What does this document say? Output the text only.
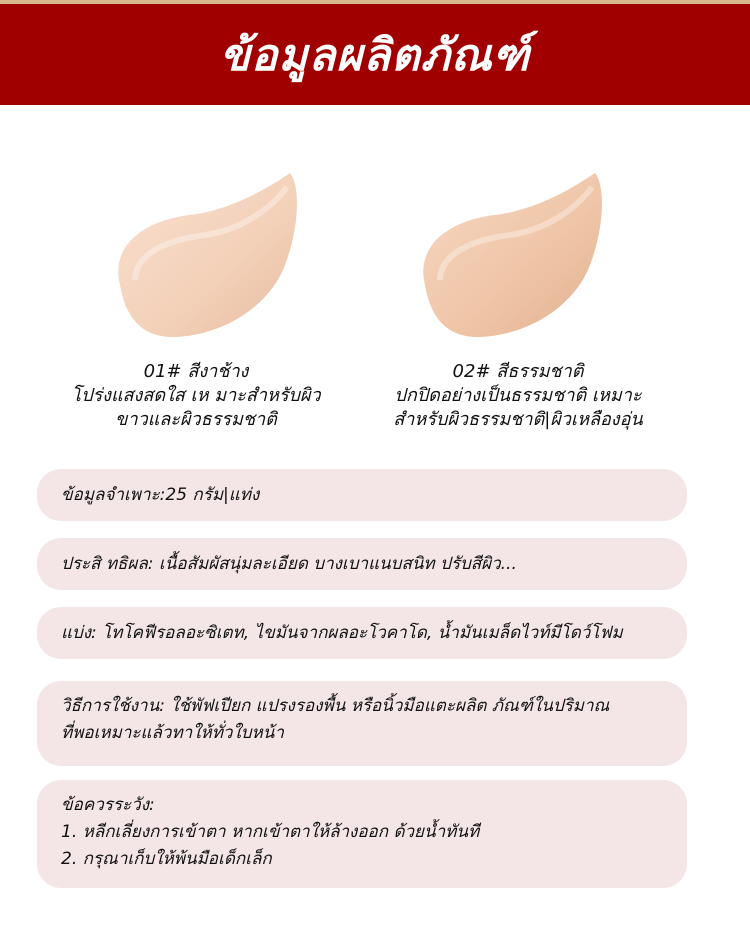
ข้อมูลผลิตภัณฑ์
01# สีงาช้าง
โปร่งแสงสดใส เห มาะสำหรับผิว
ขาวและผิวธรรมชาติ
02# สีธรรมชาติ
ปกปิดอย่างเป็นธรรมชาติ เหมาะ
สำหรับผิวธรรมชาติ|ผิวเหลืองอุ่น
ข้อมูลจำเพาะ:25 กรัม|แท่ง
ประสิ ทธิผล: เนื้อสัมผัสนุ่มละเอียด บางเบาแนบสนิท ปรับสีผิว...
แบ่ง: โทโคฟีรอลอะซิเตท, ไขมันจากผลอะโวคาโด, น้ำมันเมล็ดไวท์มีโดว์โฟม
วิธีการใช้งาน: ใช้พัฟเปียก แปรงรองพื้น หรือนิ้วมือแตะผลิต ภัณฑ์ในปริมาณ
ที่พอเหมาะแล้วทาให้ทั่วใบหน้า
ข้อควรระวัง:
1. หลีกเลี่ยงการเข้าตา หากเข้าตาให้ล้างออก ด้วยน้ำทันที
2. กรุณาเก็บให้พ้นมือเด็กเล็ก
